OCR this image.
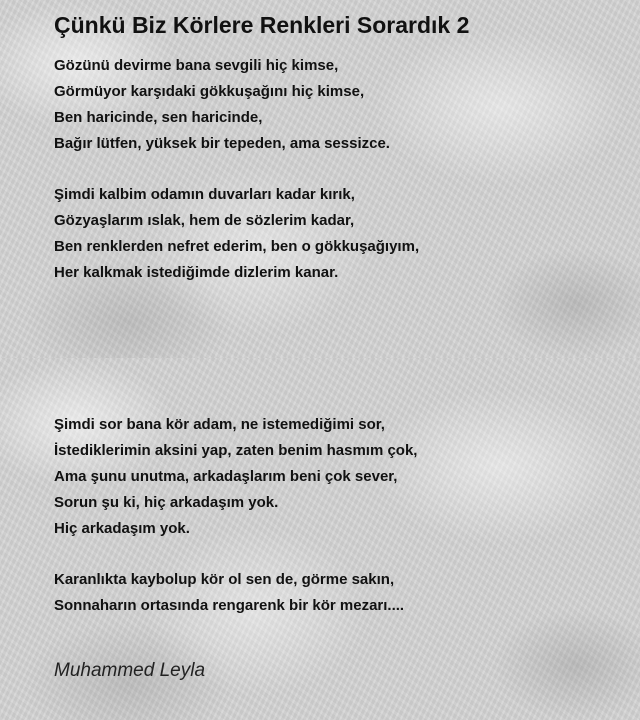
Çünkü Biz Körlere Renkleri Sorardık 2
Gözünü devirme bana sevgili hiç kimse,
Görmüyor karşıdaki gökkuşağını hiç kimse,
Ben haricinde, sen haricinde,
Bağır lütfen, yüksek bir tepeden, ama sessizce.
Şimdi kalbim odamın duvarları kadar kırık,
Gözyaşlarım ıslak, hem de sözlerim kadar,
Ben renklerden nefret ederim, ben o gökkuşağıyım,
Her kalkmak istediğimde dizlerim kanar.
Şimdi sor bana kör adam, ne istemediğimi sor,
İstediklerimin aksini yap, zaten benim hasmım çok,
Ama şunu unutma, arkadaşlarım beni çok sever,
Sorun şu ki, hiç arkadaşım yok.
Hiç arkadaşım yok.
Karanlıkta kaybolup kör ol sen de, görme sakın,
Sonnaharın ortasında rengarenk bir kör mezarı....

Muhammed Leyla
